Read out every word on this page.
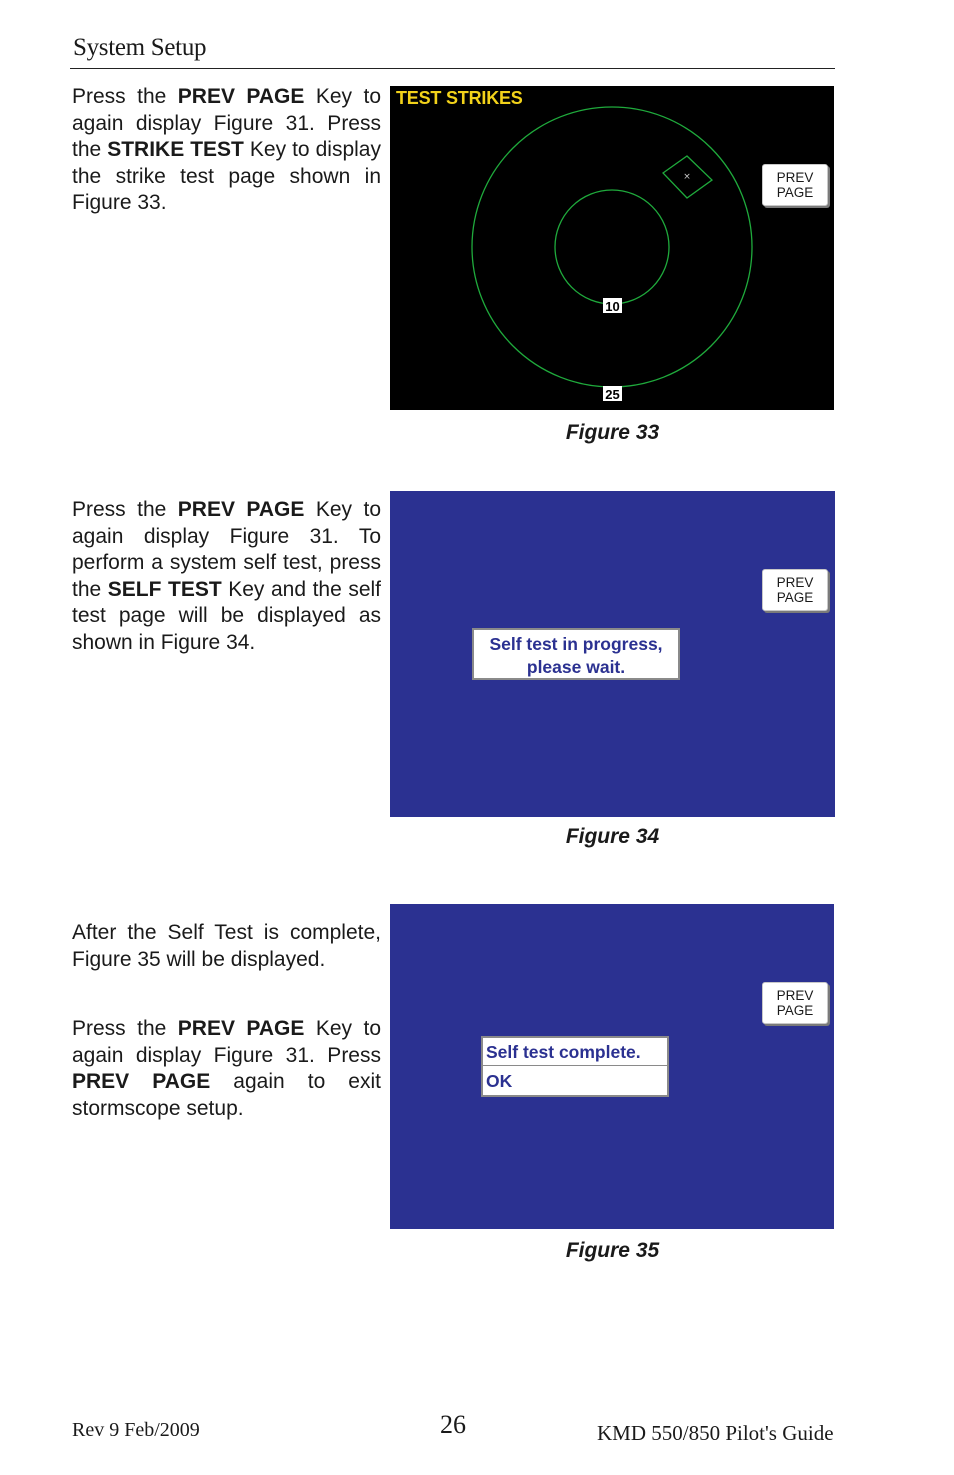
System Setup

Press the PREV PAGE Key to again display Figure 31. Press the STRIKE TEST Key to display the strike test page shown in Figure 33.

TEST STRIKES
×
10
25
PREV
PAGE
Figure 33

Press the PREV PAGE Key to again display Figure 31. To perform a system self test, press the SELF TEST Key and the self test page will be displayed as shown in Figure 34.

PREV
PAGE
Self test in progress,
please wait.
Figure 34

After the Self Test is complete, Figure 35 will be displayed.

Press the PREV PAGE Key to again display Figure 31. Press PREV PAGE again to exit stormscope setup.

PREV
PAGE
Self test complete.
OK
Figure 35
Rev 9 Feb/2009	26	KMD 550/850 Pilot's Guide
